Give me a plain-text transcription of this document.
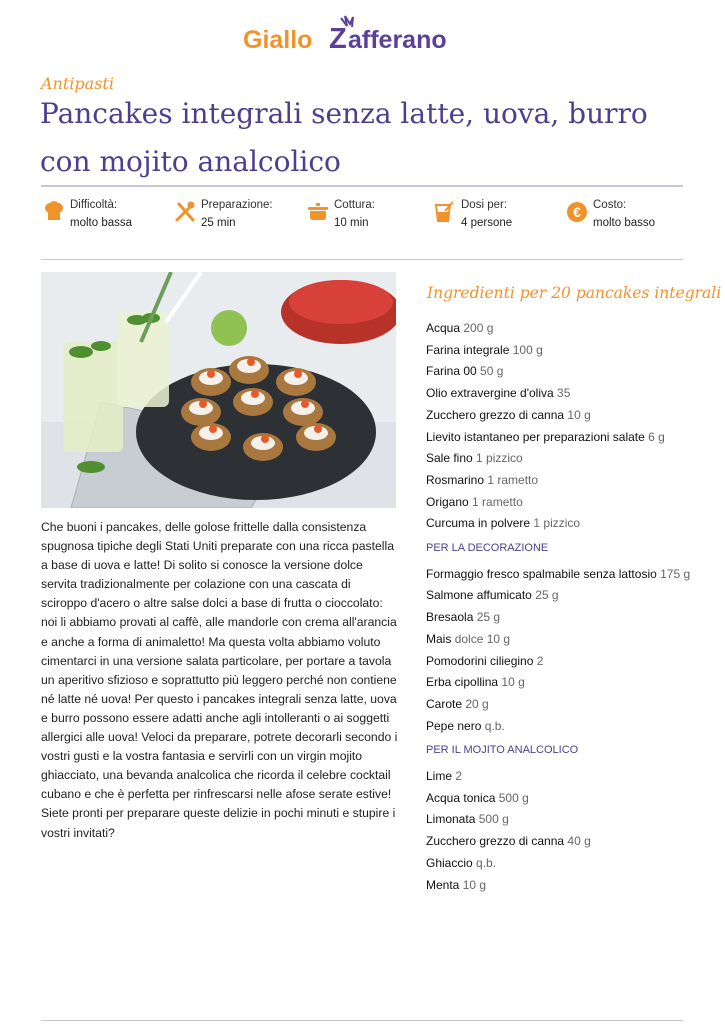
Giallo Z afferano
Antipasti
Pancakes integrali senza latte, uova, burro con mojito analcolico
Difficoltà:
molto bassa
Preparazione:
25 min
Cottura:
10 min
Dosi per:
4 persone
€ Costo:
molto basso

Che buoni i pancakes, delle golose frittelle dalla consistenza spugnosa tipiche degli Stati Uniti preparate con una ricca pastella a base di uova e latte! Di solito si conosce la versione dolce servita tradizionalmente per colazione con una cascata di sciroppo d'acero o altre salse dolci a base di frutta o cioccolato: noi li abbiamo provati al caffè, alle mandorle con crema all'arancia e anche a forma di animaletto! Ma questa volta abbiamo voluto cimentarci in una versione salata particolare, per portare a tavola un aperitivo sfizioso e soprattutto più leggero perché non contiene né latte né uova! Per questo i pancakes integrali senza latte, uova e burro possono essere adatti anche agli intolleranti o ai soggetti allergici alle uova! Veloci da preparare, potrete decorarli secondo i vostri gusti e la vostra fantasia e servirli con un virgin mojito ghiacciato, una bevanda analcolica che ricorda il celebre cocktail cubano e che è perfetta per rinfrescarsi nelle afose serate estive! Siete pronti per preparare queste delizie in pochi minuti e stupire i vostri invitati?

Ingredienti per 20 pancakes integrali
Acqua 200 g
Farina integrale 100 g
Farina 00 50 g
Olio extravergine d'oliva 35
Zucchero grezzo di canna 10 g
Lievito istantaneo per preparazioni salate 6 g
Sale fino 1 pizzico
Rosmarino 1 rametto
Origano 1 rametto
Curcuma in polvere 1 pizzico
PER LA DECORAZIONE
Formaggio fresco spalmabile senza lattosio 175 g
Salmone affumicato 25 g
Bresaola 25 g
Mais dolce 10 g
Pomodorini ciliegino 2
Erba cipollina 10 g
Carote 20 g
Pepe nero q.b.
PER IL MOJITO ANALCOLICO
Lime 2
Acqua tonica 500 g
Limonata 500 g
Zucchero grezzo di canna 40 g
Ghiaccio q.b.
Menta 10 g
